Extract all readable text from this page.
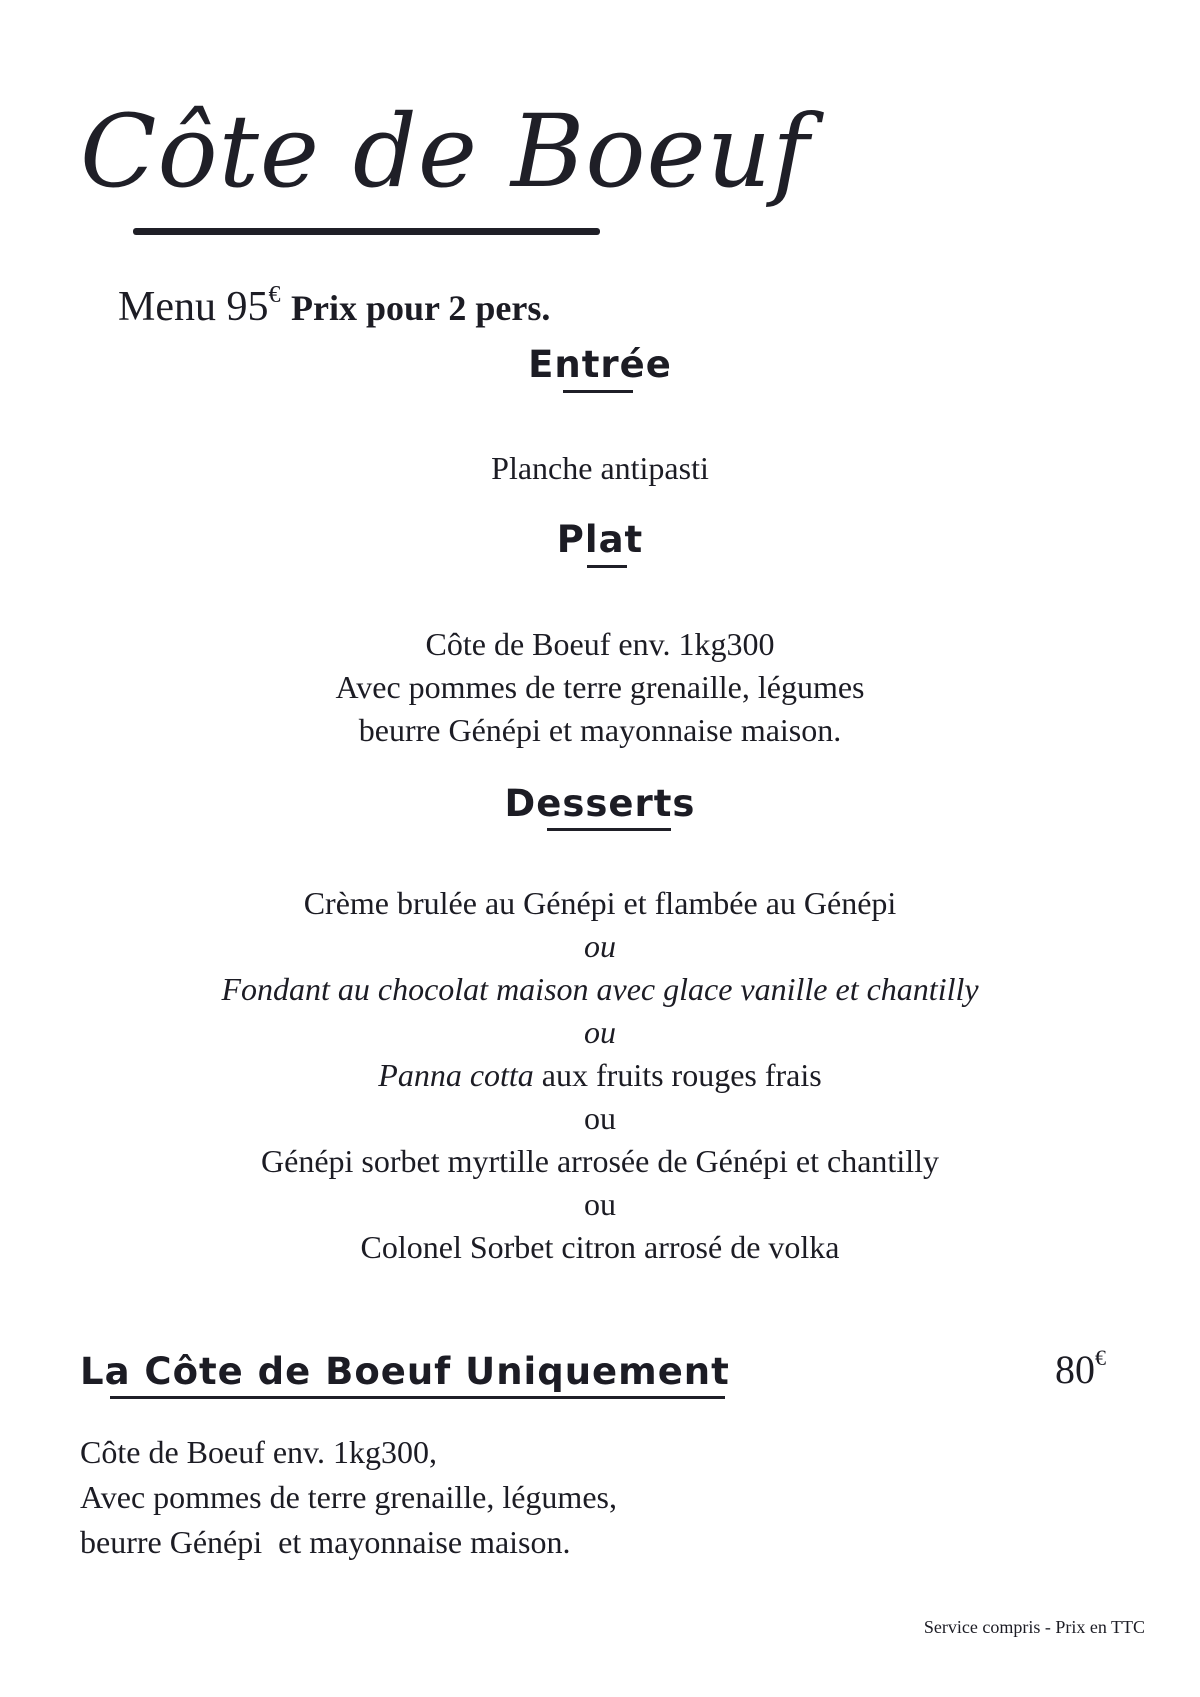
Côte de Boeuf
Menu 95€ Prix pour 2 pers.
Entrée
Planche antipasti
Plat
Côte de Boeuf env. 1kg300
Avec pommes de terre grenaille, légumes
beurre Génépi et mayonnaise maison.
Desserts
Crème brulée au Génépi et flambée au Génépi
ou
Fondant au chocolat maison avec glace vanille et chantilly
ou
Panna cotta aux fruits rouges frais
ou
Génépi sorbet myrtille arrosée de Génépi et chantilly
ou
Colonel Sorbet citron arrosé de volka
La Côte de Boeuf Uniquement	80€
Côte de Boeuf env. 1kg300,
Avec pommes de terre grenaille, légumes,
beurre Génépi  et mayonnaise maison.
Service compris - Prix en TTC
